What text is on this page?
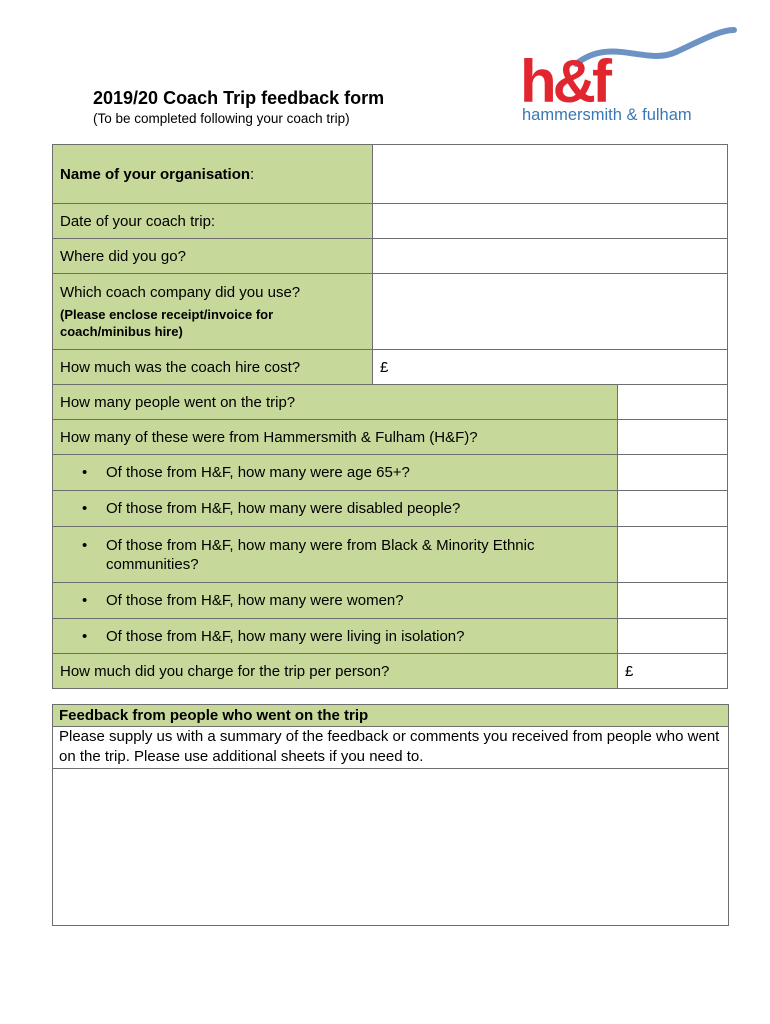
h&f
hammersmith & fulham
2019/20 Coach Trip feedback form
(To be completed following your coach trip)
Name of your organisation:		
Date of your coach trip:		
Where did you go?		

Which coach company did you use?
(Please enclose receipt/invoice for coach/minibus hire)		

How much was the coach hire cost?	£	
How many people went on the trip?		
How many of these were from Hammersmith & Fulham (H&F)?		

• Of those from H&F, how many were age 65+?		

• Of those from H&F, how many were disabled people?		

• Of those from H&F, how many were from Black & Minority Ethnic communities?		

• Of those from H&F, how many were women?		

• Of those from H&F, how many were living in isolation?		

How much did you charge for the trip per person?		£
Feedback from people who went on the trip
Please supply us with a summary of the feedback or comments you received from people who went on the trip. Please use additional sheets if you need to.
